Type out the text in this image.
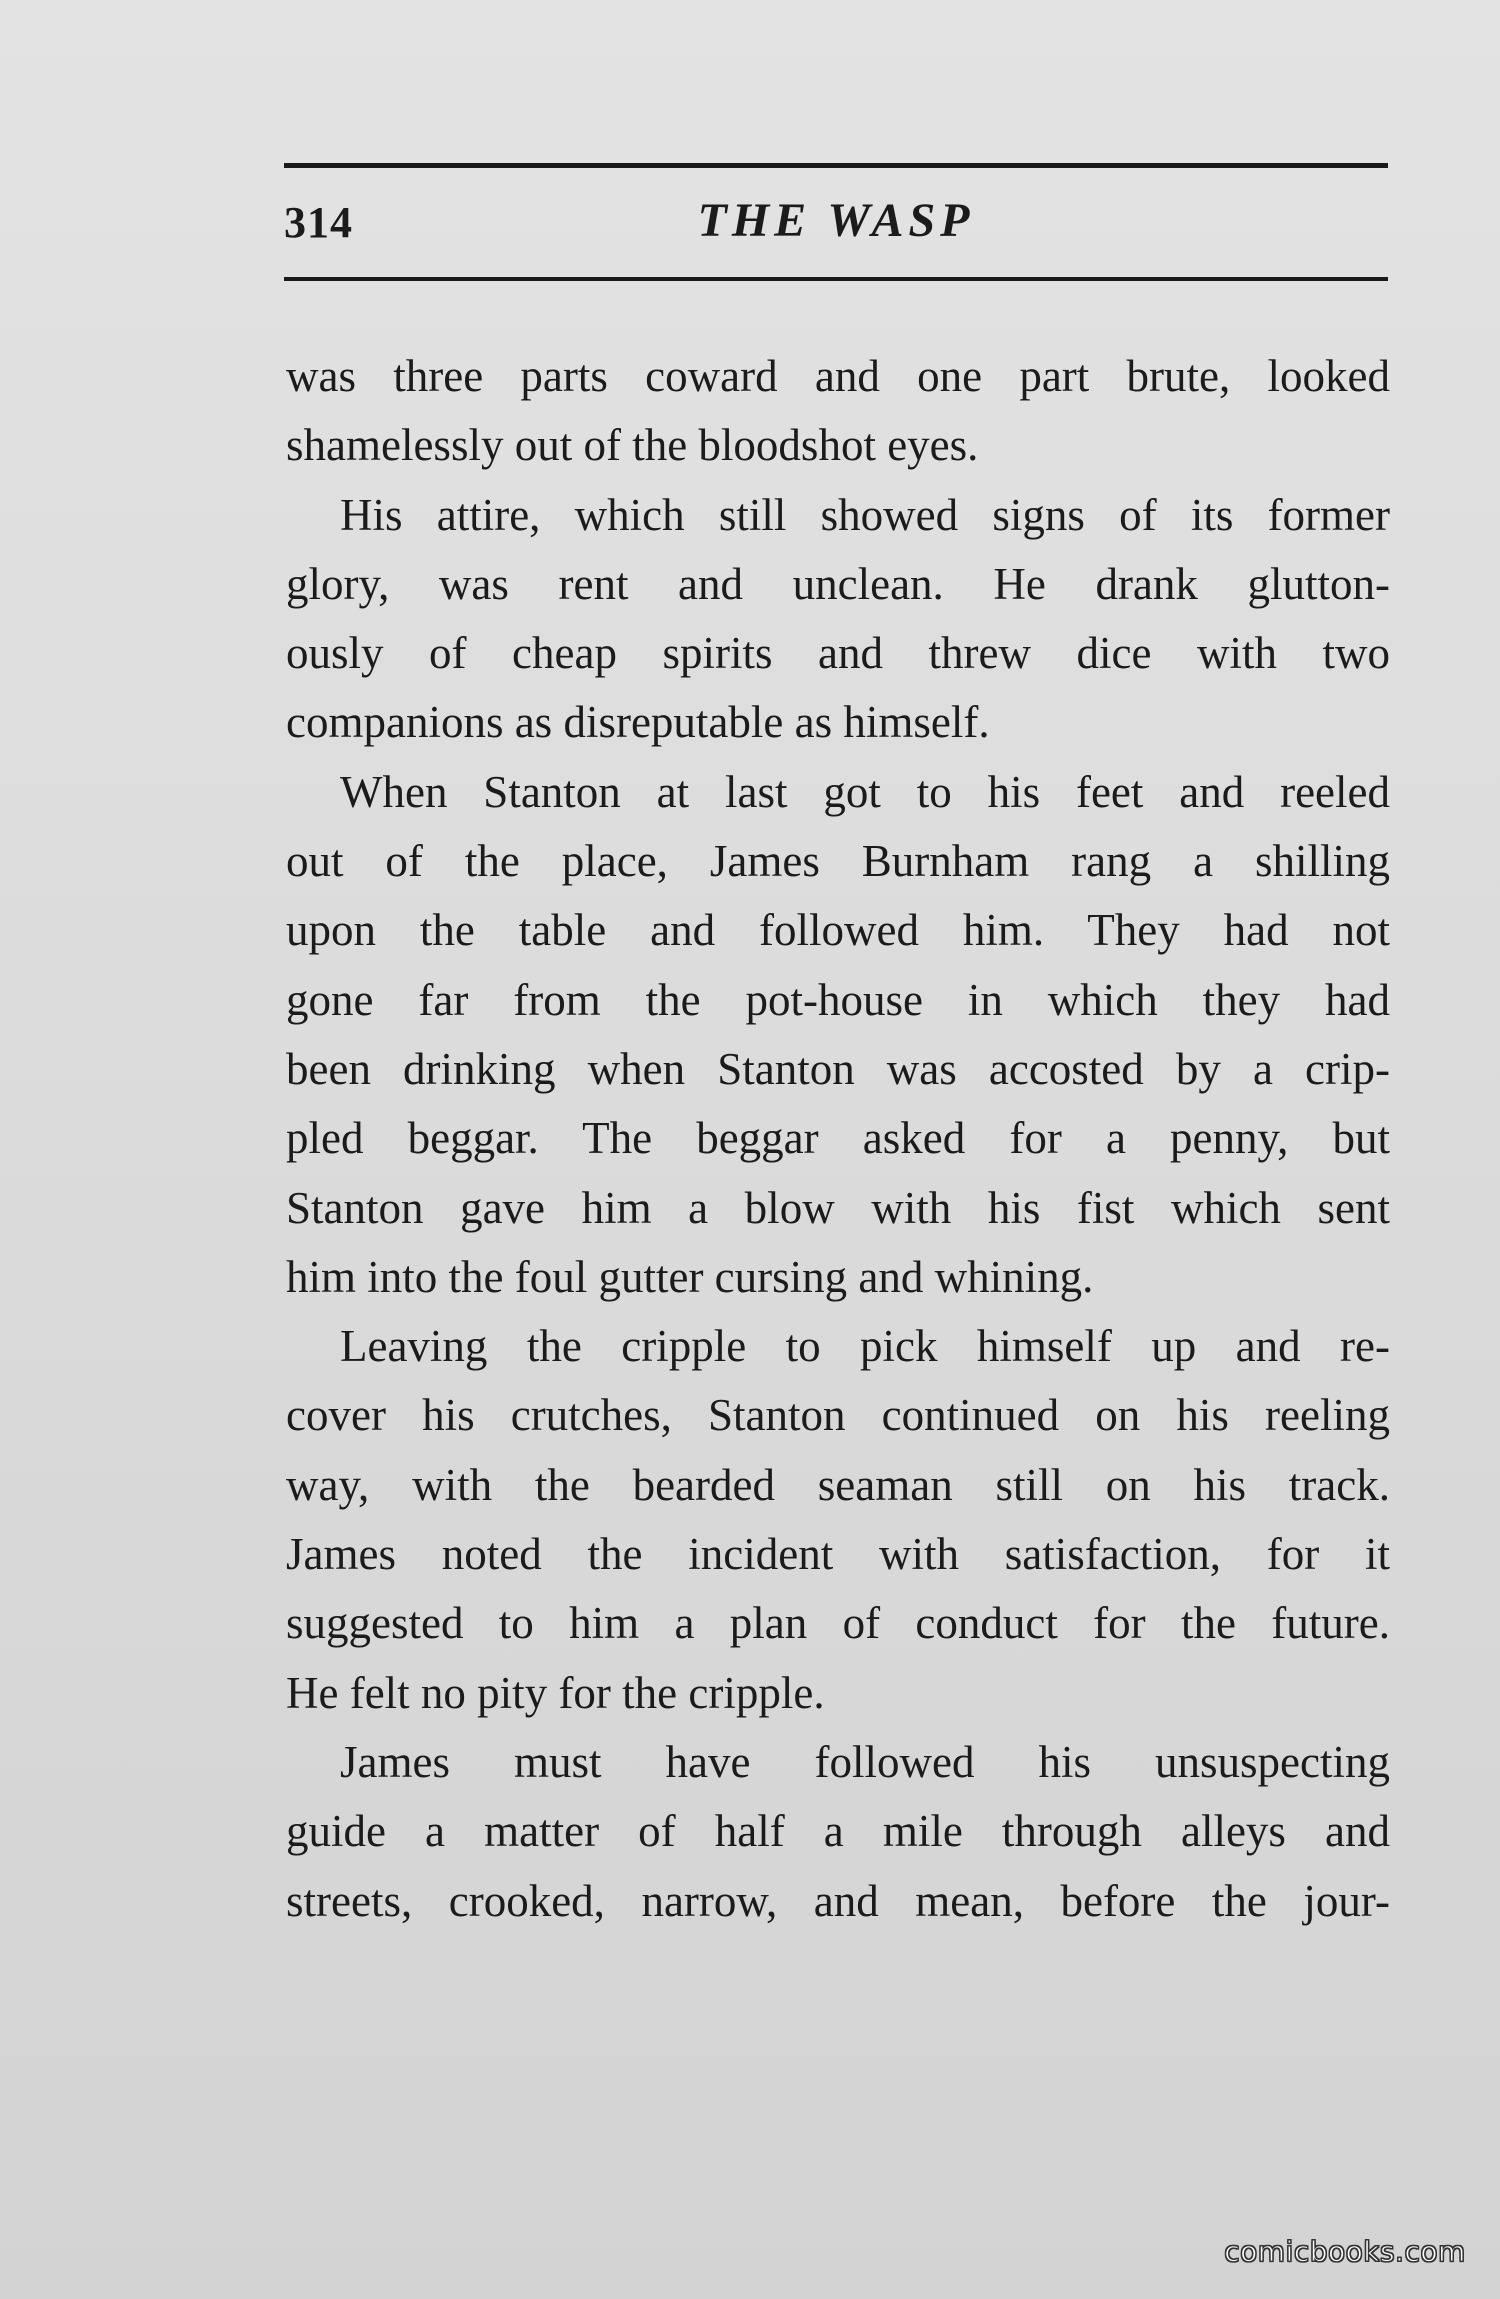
314	THE WASP
was three parts coward and one part brute, looked
shamelessly out of the bloodshot eyes.
His attire, which still showed signs of its former
glory, was rent and unclean. He drank glutton-
ously of cheap spirits and threw dice with two
companions as disreputable as himself.
When Stanton at last got to his feet and reeled
out of the place, James Burnham rang a shilling
upon the table and followed him. They had not
gone far from the pot-house in which they had
been drinking when Stanton was accosted by a crip-
pled beggar. The beggar asked for a penny, but
Stanton gave him a blow with his fist which sent
him into the foul gutter cursing and whining.
Leaving the cripple to pick himself up and re-
cover his crutches, Stanton continued on his reeling
way, with the bearded seaman still on his track.
James noted the incident with satisfaction, for it
suggested to him a plan of conduct for the future.
He felt no pity for the cripple.
James must have followed his unsuspecting
guide a matter of half a mile through alleys and
streets, crooked, narrow, and mean, before the jour-
comicbooks.com
